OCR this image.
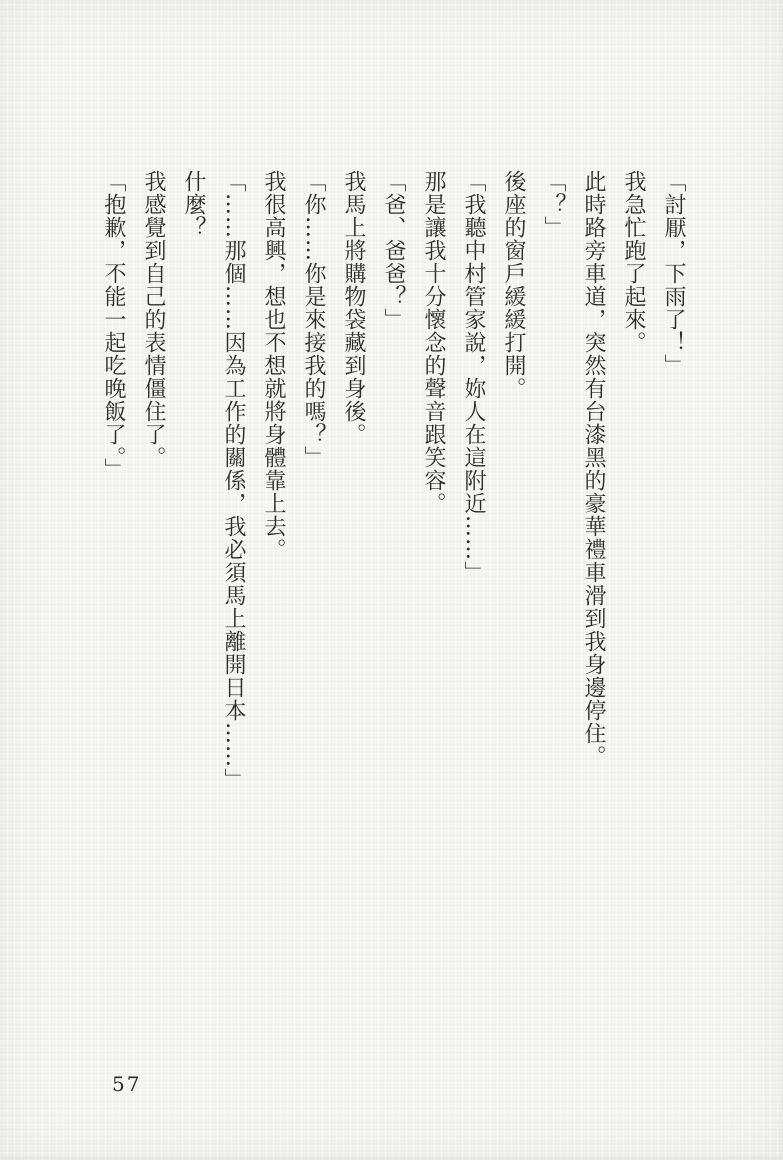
「討厭，下雨了！」

我急忙跑了起來。

此時路旁車道，突然有台漆黑的豪華禮車滑到我身邊停住。

「？」

後座的窗戶緩緩打開。

「我聽中村管家說，妳人在這附近……」

那是讓我十分懷念的聲音跟笑容。

「爸、爸爸？」

我馬上將購物袋藏到身後。

「你……你是來接我的嗎？」

我很高興，想也不想就將身體靠上去。

「……那個……因為工作的關係，我必須馬上離開日本……」

什麼？

我感覺到自己的表情僵住了。

「抱歉，不能一起吃晚飯了。」

57
